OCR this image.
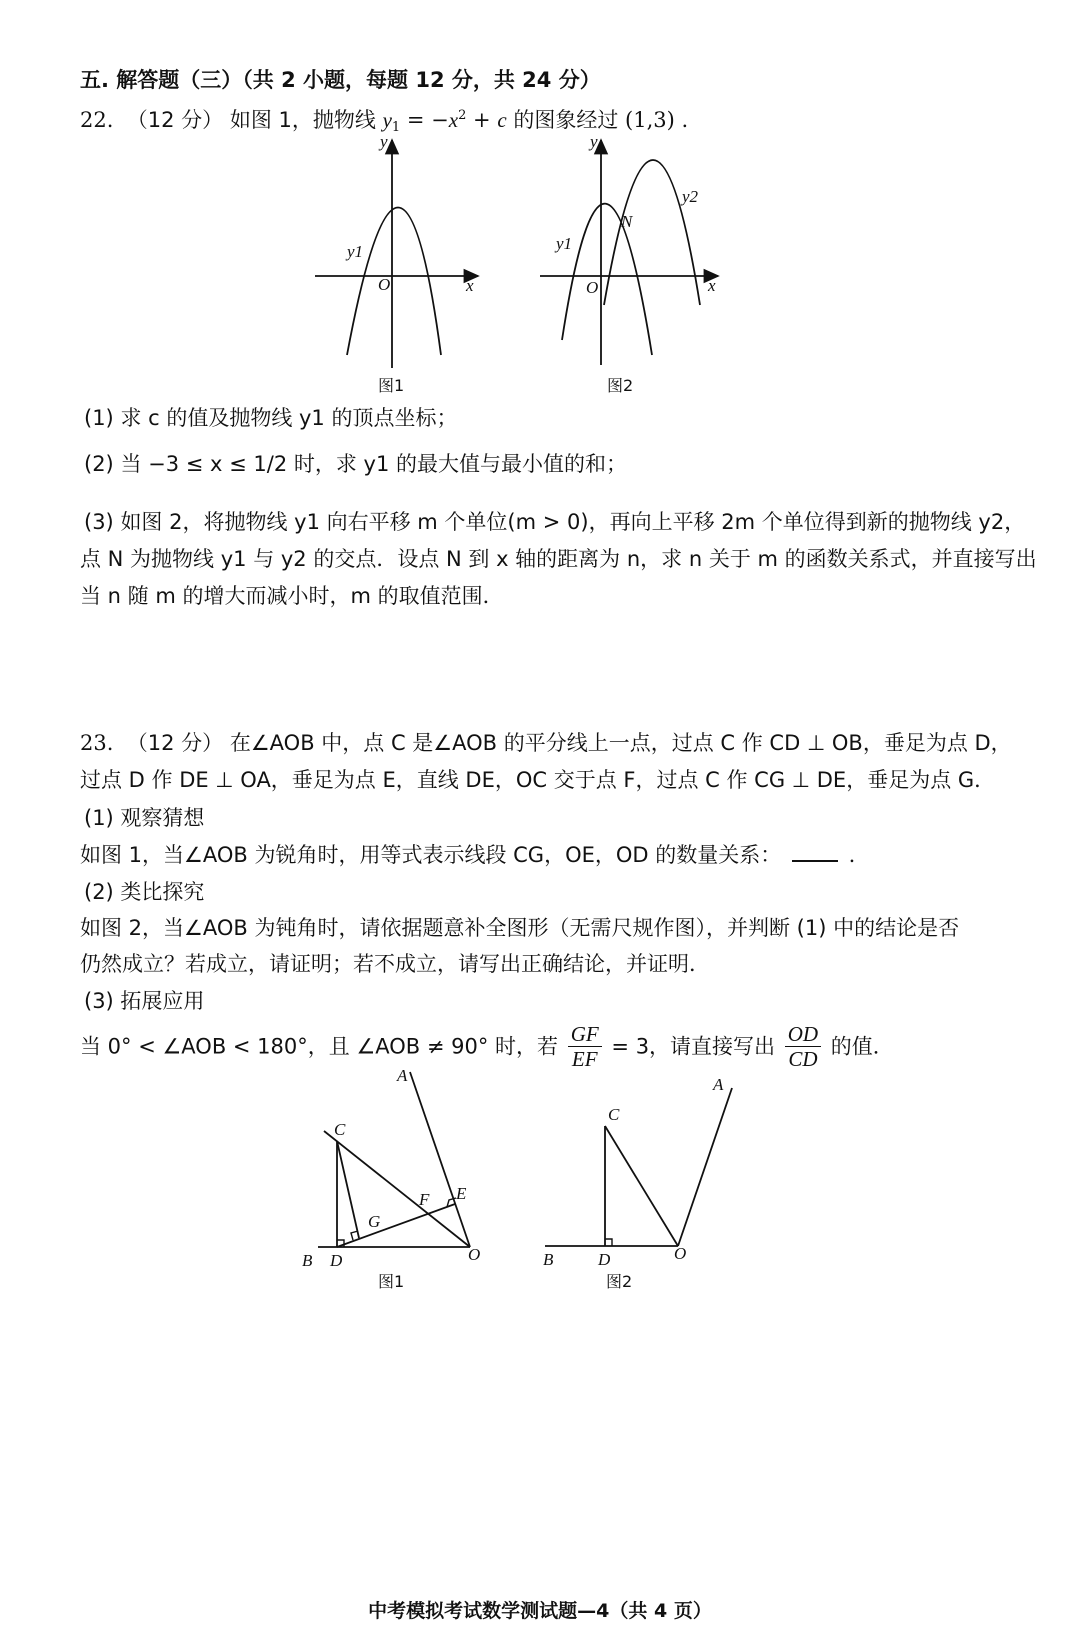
五. 解答题（三）（共 2 小题，每题 12 分，共 24 分）
22. （12 分） 如图 1，抛物线 $y_1 = -x^2 + c$ 的图象经过 (1,3) .
y
x
O
y1
图1
y
x
O
y1
y2
N
图2
(1) 求 c 的值及抛物线 y1 的顶点坐标；
(2) 当 −3 ≤ x ≤ 1/2 时，求 y1 的最大值与最小值的和；
(3) 如图 2，将抛物线 y1 向右平移 m 个单位(m > 0)，再向上平移 2m 个单位得到新的抛物线 y2，
点 N 为抛物线 y1 与 y2 的交点．设点 N 到 x 轴的距离为 n，求 n 关于 m 的函数关系式，并直接写出
当 n 随 m 的增大而减小时，m 的取值范围．
23. （12 分） 在∠AOB 中，点 C 是∠AOB 的平分线上一点，过点 C 作 CD ⊥ OB，垂足为点 D，
过点 D 作 DE ⊥ OA，垂足为点 E，直线 DE，OC 交于点 F，过点 C 作 CG ⊥ DE，垂足为点 G．
(1) 观察猜想
如图 1，当∠AOB 为锐角时，用等式表示线段 CG，OE，OD 的数量关系：	.
(2) 类比探究
如图 2，当∠AOB 为钝角时，请依据题意补全图形（无需尺规作图），并判断 (1) 中的结论是否
仍然成立？若成立，请证明；若不成立，请写出正确结论，并证明．
(3) 拓展应用
当 0° < ∠AOB < 180°，且 ∠AOB ≠ 90° 时，若 $\frac{GF}{EF} = 3$，请直接写出 $\frac{OD}{CD}$ 的值．
A
C
E
F
G
B D	O
图1
A
C
B	D	O
图2
中考模拟考试数学测试题—4（共 4 页）
